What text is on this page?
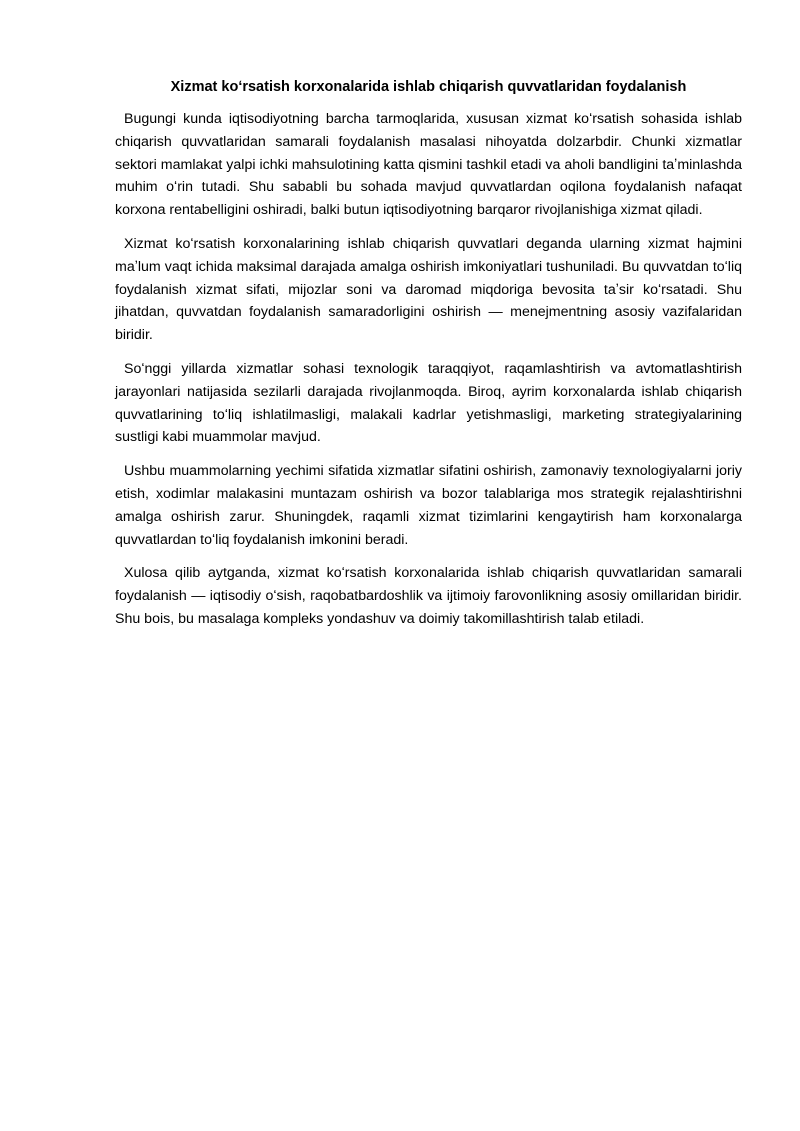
Xizmat koʻrsatish korxonalarida ishlab chiqarish quvvatlaridan foydalanish

Bugungi kunda iqtisodiyotning barcha tarmoqlarida, xususan xizmat koʻrsatish sohasida ishlab chiqarish quvvatlaridan samarali foydalanish masalasi nihoyatda dolzarbdir. Chunki xizmatlar sektori mamlakat yalpi ichki mahsulotining katta qismini tashkil etadi va aholi bandligini taʼminlashda muhim oʻrin tutadi. Shu sababli bu sohada mavjud quvvatlardan oqilona foydalanish nafaqat korxona rentabelligini oshiradi, balki butun iqtisodiyotning barqaror rivojlanishiga xizmat qiladi.

Xizmat koʻrsatish korxonalarining ishlab chiqarish quvvatlari deganda ularning xizmat hajmini maʼlum vaqt ichida maksimal darajada amalga oshirish imkoniyatlari tushuniladi. Bu quvvatdan toʻliq foydalanish xizmat sifati, mijozlar soni va daromad miqdoriga bevosita taʼsir koʻrsatadi. Shu jihatdan, quvvatdan foydalanish samaradorligini oshirish — menejmentning asosiy vazifalaridan biridir.

Soʻnggi yillarda xizmatlar sohasi texnologik taraqqiyot, raqamlashtirish va avtomatlashtirish jarayonlari natijasida sezilarli darajada rivojlanmoqda. Biroq, ayrim korxonalarda ishlab chiqarish quvvatlarining toʻliq ishlatilmasligi, malakali kadrlar yetishmasligi, marketing strategiyalarining sustligi kabi muammolar mavjud.

Ushbu muammolarning yechimi sifatida xizmatlar sifatini oshirish, zamonaviy texnologiyalarni joriy etish, xodimlar malakasini muntazam oshirish va bozor talablariga mos strategik rejalashtirishni amalga oshirish zarur. Shuningdek, raqamli xizmat tizimlarini kengaytirish ham korxonalarga quvvatlardan toʻliq foydalanish imkonini beradi.

Xulosa qilib aytganda, xizmat koʻrsatish korxonalarida ishlab chiqarish quvvatlaridan samarali foydalanish — iqtisodiy oʻsish, raqobatbardoshlik va ijtimoiy farovonlikning asosiy omillaridan biridir. Shu bois, bu masalaga kompleks yondashuv va doimiy takomillashtirish talab etiladi.
